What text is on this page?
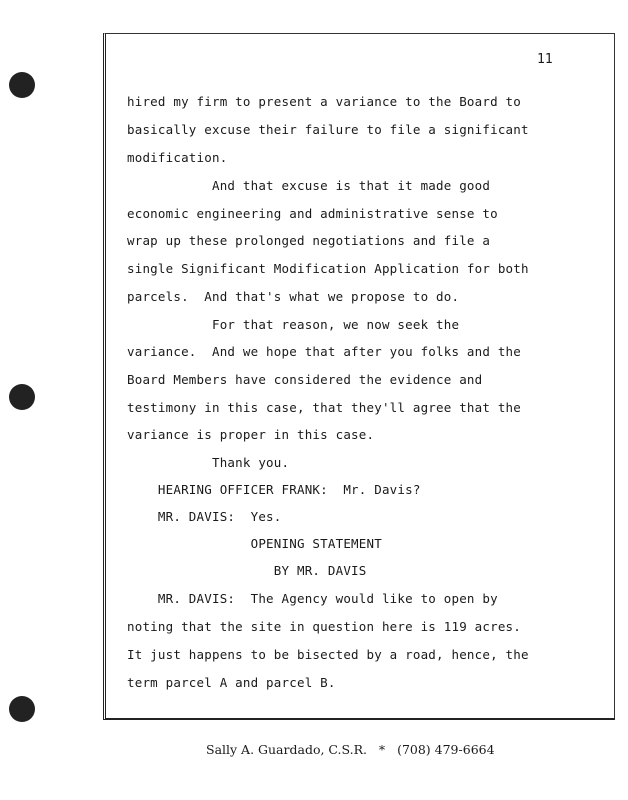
11
hired my firm to present a variance to the Board to
basically excuse their failure to file a significant
modification.
And that excuse is that it made good
economic engineering and administrative sense to
wrap up these prolonged negotiations and file a
single Significant Modification Application for both
parcels.  And that's what we propose to do.
For that reason, we now seek the
variance.  And we hope that after you folks and the
Board Members have considered the evidence and
testimony in this case, that they'll agree that the
variance is proper in this case.
Thank you.
HEARING OFFICER FRANK:  Mr. Davis?
MR. DAVIS:  Yes.
OPENING STATEMENT
BY MR. DAVIS
MR. DAVIS:  The Agency would like to open by
noting that the site in question here is 119 acres.
It just happens to be bisected by a road, hence, the
term parcel A and parcel B.
Sally A. Guardado, C.S.R.   *   (708) 479-6664
